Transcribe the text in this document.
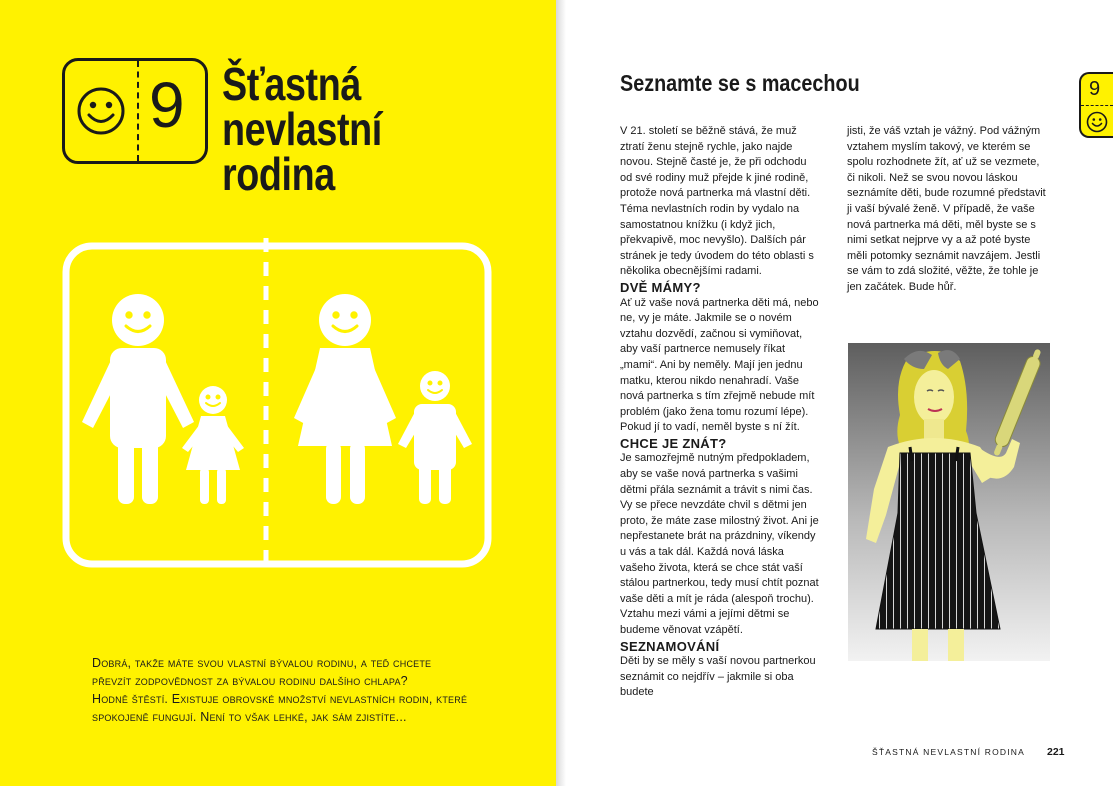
9 Šťastná
nevlastní
rodina

Dobrá, takže máte svou vlastní bývalou rodinu, a teď chcete převzít zodpovědnost za bývalou rodinu dalšího chlapa?

Hodně štěstí. Existuje obrovské množství nevlastních rodin, které spokojeně fungují. Není to však lehké, jak sám zjistíte...

Seznamte se s macechou

V 21. století se běžně stává, že muž ztratí ženu stejně rychle, jako najde novou. Stejně časté je, že při odchodu od své rodiny muž přejde k jiné rodině, protože nová partnerka má vlastní děti. Téma nevlastních rodin by vydalo na samostatnou knížku (i když jich, překvapivě, moc nevyšlo). Dalších pár stránek je tedy úvodem do této oblasti s několika obecnějšími radami.

DVĚ MÁMY?

Ať už vaše nová partnerka děti má, nebo ne, vy je máte. Jakmile se o novém vztahu dozvědí, začnou si vymiňovat, aby vaší partnerce nemusely říkat „mami“. Ani by neměly. Mají jen jednu matku, kterou nikdo nenahradí. Vaše nová partnerka s tím zřejmě nebude mít problém (jako žena tomu rozumí lépe). Pokud jí to vadí, neměl byste s ní žít.

CHCE JE ZNÁT?

Je samozřejmě nutným předpokladem, aby se vaše nová partnerka s vašimi dětmi přála seznámit a trávit s nimi čas. Vy se přece nevzdáte chvil s dětmi jen proto, že máte zase milostný život. Ani je nepřestanete brát na prázdniny, víkendy u vás a tak dál. Každá nová láska vašeho života, která se chce stát vaší stálou partnerkou, tedy musí chtít poznat vaše děti a mít je ráda (alespoň trochu). Vztahu mezi vámi a jejími dětmi se budeme věnovat vzápětí.

SEZNAMOVÁNÍ

Děti by se měly s vaší novou partnerkou seznámit co nejdřív – jakmile si oba budete

jisti, že váš vztah je vážný. Pod vážným vztahem myslím takový, ve kterém se spolu rozhodnete žít, ať už se vezmete, či nikoli. Než se svou novou láskou seznámíte děti, bude rozumné představit ji vaší bývalé ženě. V případě, že vaše nová partnerka má děti, měl byste se s nimi setkat nejprve vy a až poté byste měli potomky seznámit navzájem. Jestli se vám to zdá složité, věžte, že tohle je jen začátek. Bude hůř.

9
ŠŤASTNÁ NEVLASTNÍ RODINA 221
